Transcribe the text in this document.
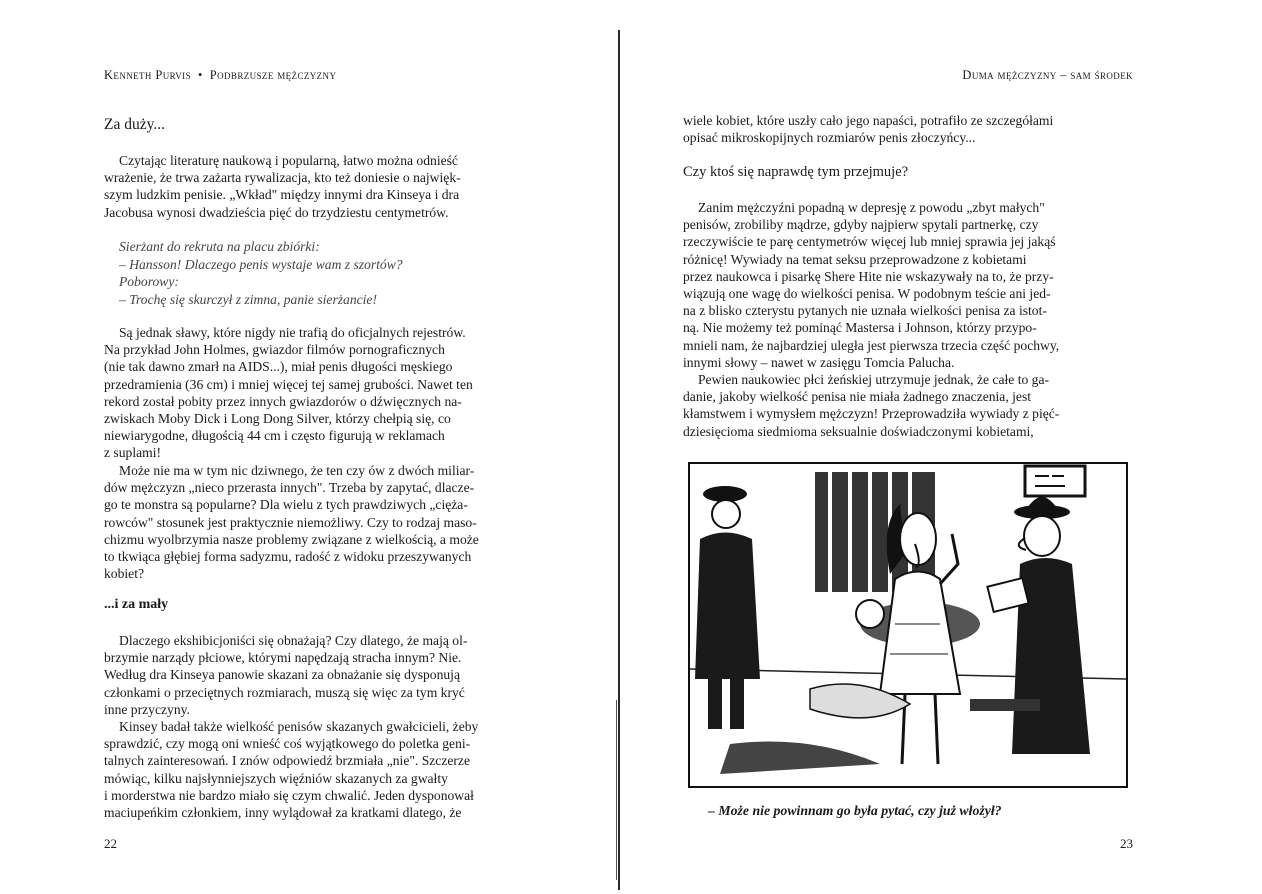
Kenneth Purvis • Podbrzusze mężczyzny
Za duży...

Czytając literaturę naukową i popularną, łatwo można odnieść
wrażenie, że trwa zażarta rywalizacja, kto też doniesie o najwięk-
szym ludzkim penisie. „Wkład" między innymi dra Kinseya i dra
Jacobusa wynosi dwadzieścia pięć do trzydziestu centymetrów.

Sierżant do rekruta na placu zbiórki:
– Hansson! Dlaczego penis wystaje wam z szortów?
Poborowy:
– Trochę się skurczył z zimna, panie sierżancie!

Są jednak sławy, które nigdy nie trafią do oficjalnych rejestrów.
Na przykład John Holmes, gwiazdor filmów pornograficznych
(nie tak dawno zmarł na AIDS...), miał penis długości męskiego
przedramienia (36 cm) i mniej więcej tej samej grubości. Nawet ten
rekord został pobity przez innych gwiazdorów o dźwięcznych na-
zwiskach Moby Dick i Long Dong Silver, którzy chełpią się, co
niewiarygodne, długością 44 cm i często figurują w reklamach
z suplami!

Może nie ma w tym nic dziwnego, że ten czy ów z dwóch miliar-
dów mężczyzn „nieco przerasta innych". Trzeba by zapytać, dlacze-
go te monstra są popularne? Dla wielu z tych prawdziwych „cięża-
rowców" stosunek jest praktycznie niemożliwy. Czy to rodzaj maso-
chizmu wyolbrzymia nasze problemy związane z wielkością, a może
to tkwiąca głębiej forma sadyzmu, radość z widoku przeszywanych
kobiet?

...i za mały

Dlaczego ekshibicjoniści się obnażają? Czy dlatego, że mają ol-
brzymie narządy płciowe, którymi napędzają stracha innym? Nie.
Według dra Kinseya panowie skazani za obnażanie się dysponują
członkami o przeciętnych rozmiarach, muszą się więc za tym kryć
inne przyczyny.

Kinsey badał także wielkość penisów skazanych gwałcicieli, żeby
sprawdzić, czy mogą oni wnieść coś wyjątkowego do poletka geni-
talnych zainteresowań. I znów odpowiedź brzmiała „nie". Szczerze
mówiąc, kilku najsłynniejszych więźniów skazanych za gwałty
i morderstwa nie bardzo miało się czym chwalić. Jeden dysponował
maciupeńkim członkiem, inny wylądował za kratkami dlatego, że

22
Duma mężczyzny – sam środek

wiele kobiet, które uszły cało jego napaści, potrafiło ze szczegółami
opisać mikroskopijnych rozmiarów penis złoczyńcy...

Czy ktoś się naprawdę tym przejmuje?

Zanim mężczyźni popadną w depresję z powodu „zbyt małych"
penisów, zrobiliby mądrze, gdyby najpierw spytali partnerkę, czy
rzeczywiście te parę centymetrów więcej lub mniej sprawia jej jakąś
różnicę! Wywiady na temat seksu przeprowadzone z kobietami
przez naukowca i pisarkę Shere Hite nie wskazywały na to, że przy-
wiązują one wagę do wielkości penisa. W podobnym teście ani jed-
na z blisko czterystu pytanych nie uznała wielkości penisa za istot-
ną. Nie możemy też pominąć Mastersa i Johnson, którzy przypo-
mnieli nam, że najbardziej uległa jest pierwsza trzecia część pochwy,
innymi słowy – nawet w zasięgu Tomcia Palucha.

Pewien naukowiec płci żeńskiej utrzymuje jednak, że całe to ga-
danie, jakoby wielkość penisa nie miała żadnego znaczenia, jest
kłamstwem i wymysłem mężczyzn! Przeprowadziła wywiady z pięć-
dziesięcioma siedmioma seksualnie doświadczonymi kobietami,

– Może nie powinnam go była pytać, czy już włożył?
23
